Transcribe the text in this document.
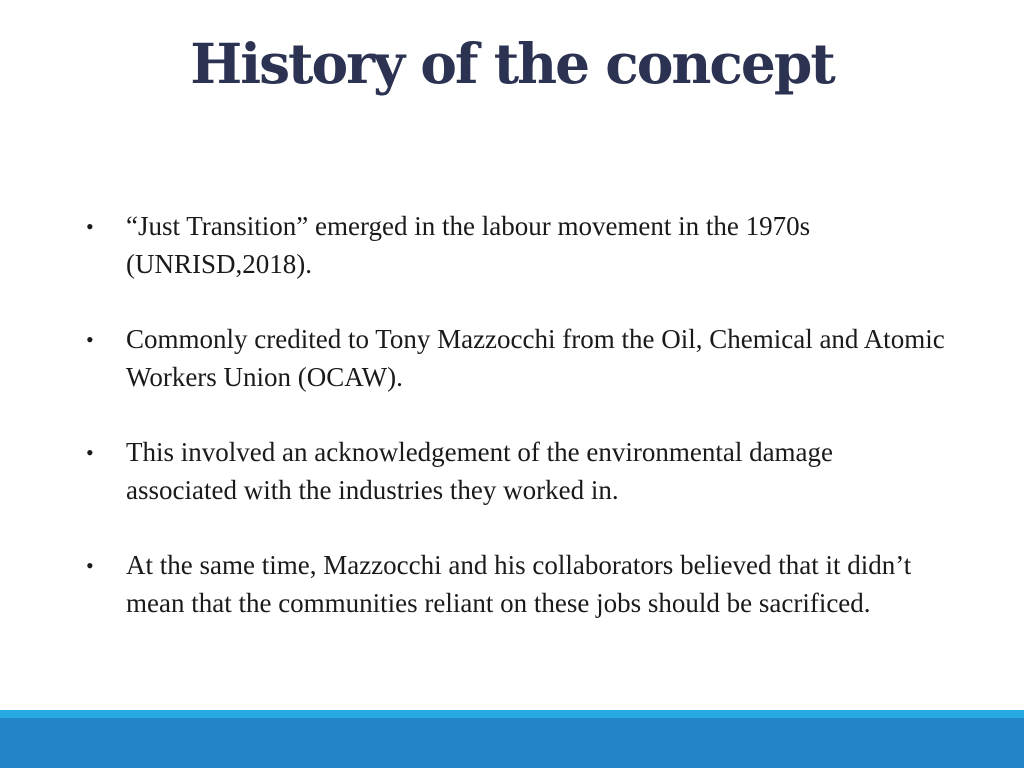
History of the concept
•	“Just Transition” emerged in the labour movement in the 1970s (UNRISD,2018).
•	Commonly credited to Tony Mazzocchi from the Oil, Chemical and Atomic Workers Union (OCAW).
•	This involved an acknowledgement of the environmental damage associated with the industries they worked in.
•	At the same time, Mazzocchi and his collaborators believed that it didn’t mean that the communities reliant on these jobs should be sacrificed.
